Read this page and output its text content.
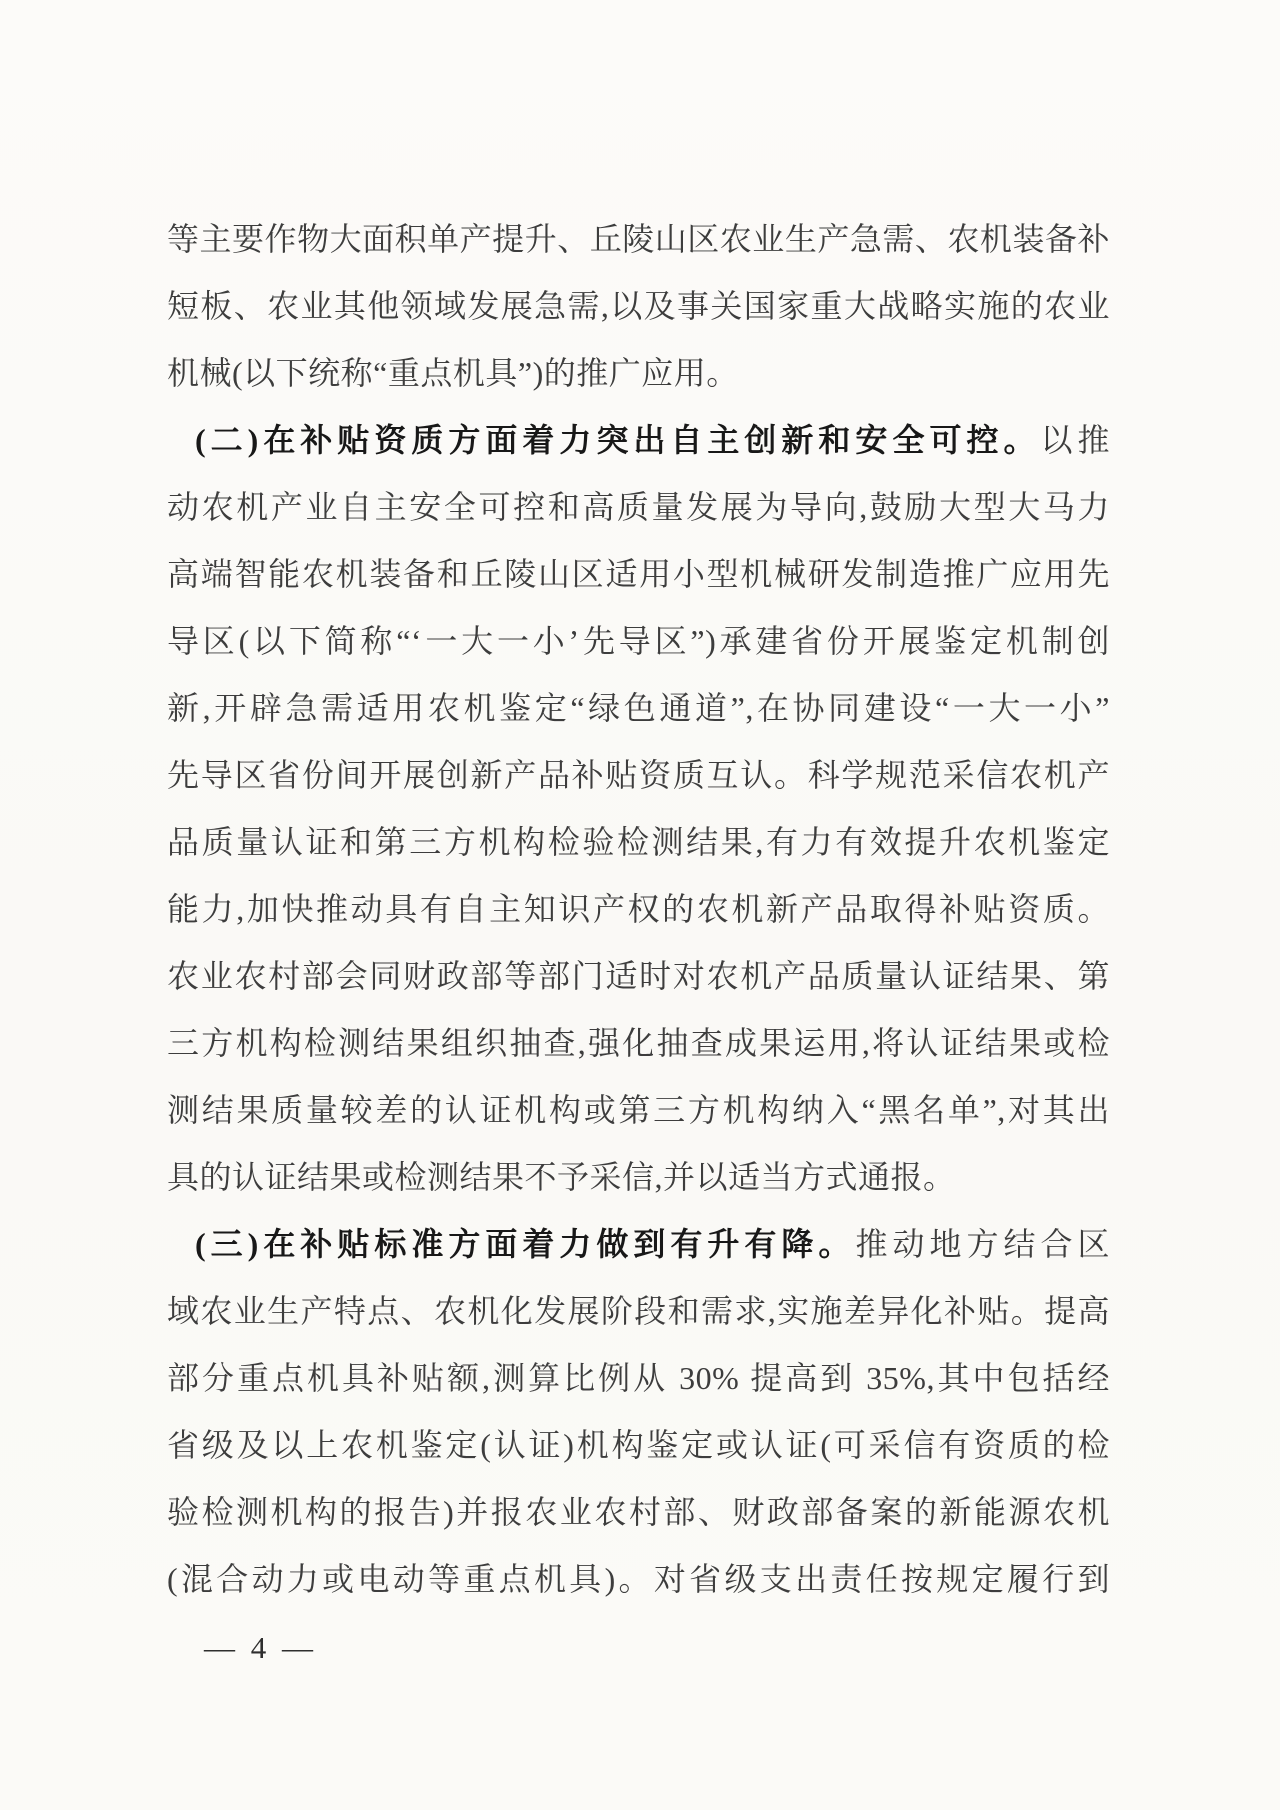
等主要作物大面积单产提升、丘陵山区农业生产急需、农机装备补
短板、农业其他领域发展急需,以及事关国家重大战略实施的农业
机械(以下统称“重点机具”)的推广应用。
(二)在补贴资质方面着力突出自主创新和安全可控。以推
动农机产业自主安全可控和高质量发展为导向,鼓励大型大马力
高端智能农机装备和丘陵山区适用小型机械研发制造推广应用先
导区(以下简称“‘一大一小’先导区”)承建省份开展鉴定机制创
新,开辟急需适用农机鉴定“绿色通道”,在协同建设“一大一小”
先导区省份间开展创新产品补贴资质互认。科学规范采信农机产
品质量认证和第三方机构检验检测结果,有力有效提升农机鉴定
能力,加快推动具有自主知识产权的农机新产品取得补贴资质。
农业农村部会同财政部等部门适时对农机产品质量认证结果、第
三方机构检测结果组织抽查,强化抽查成果运用,将认证结果或检
测结果质量较差的认证机构或第三方机构纳入“黑名单”,对其出
具的认证结果或检测结果不予采信,并以适当方式通报。
(三)在补贴标准方面着力做到有升有降。推动地方结合区
域农业生产特点、农机化发展阶段和需求,实施差异化补贴。提高
部分重点机具补贴额,测算比例从 30% 提高到 35%,其中包括经
省级及以上农机鉴定(认证)机构鉴定或认证(可采信有资质的检
验检测机构的报告)并报农业农村部、财政部备案的新能源农机
(混合动力或电动等重点机具)。对省级支出责任按规定履行到
— 4 —
